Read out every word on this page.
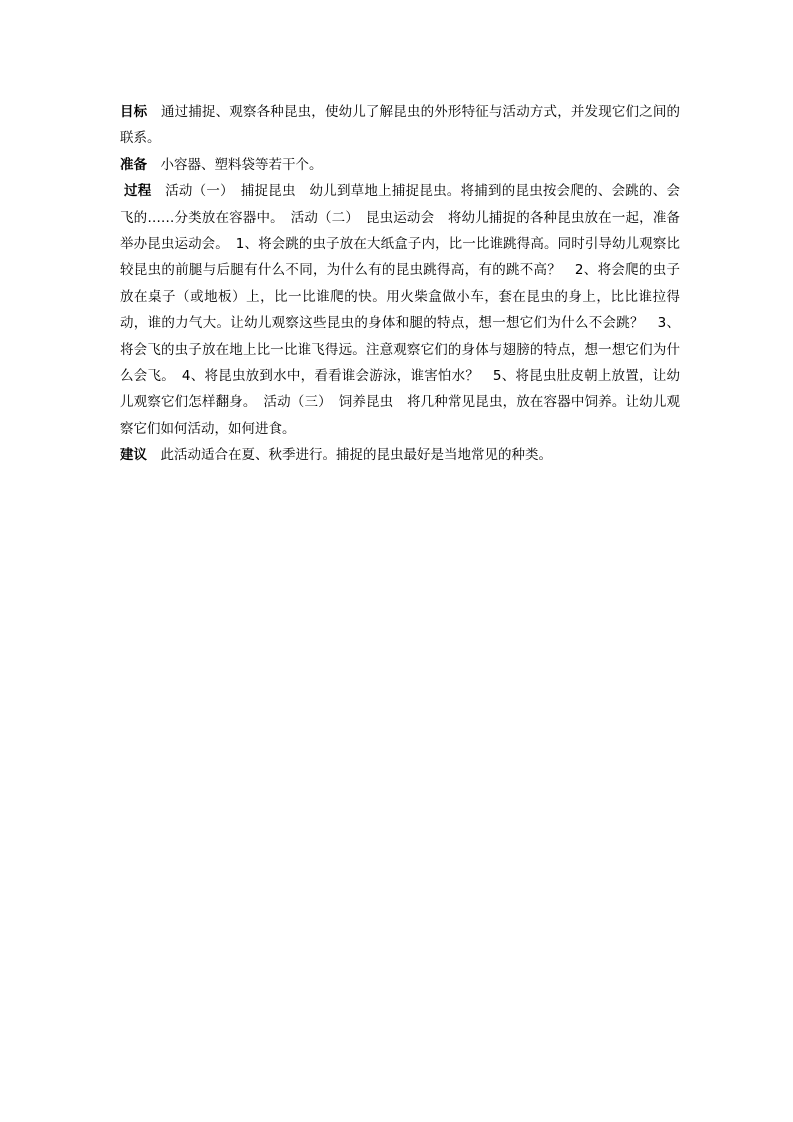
目标　通过捕捉、观察各种昆虫，使幼儿了解昆虫的外形特征与活动方式，并发现它们之间的联系。

准备　小容器、塑料袋等若干个。

过程　活动（一）　捕捉昆虫　幼儿到草地上捕捉昆虫。将捕到的昆虫按会爬的、会跳的、会飞的……分类放在容器中。　活动（二）　昆虫运动会　将幼儿捕捉的各种昆虫放在一起，准备举办昆虫运动会。　1、将会跳的虫子放在大纸盒子内，比一比谁跳得高。同时引导幼儿观察比较昆虫的前腿与后腿有什么不同，为什么有的昆虫跳得高，有的跳不高？　2、将会爬的虫子放在桌子（或地板）上，比一比谁爬的快。用火柴盒做小车，套在昆虫的身上，比比谁拉得动，谁的力气大。让幼儿观察这些昆虫的身体和腿的特点，想一想它们为什么不会跳？　3、将会飞的虫子放在地上比一比谁飞得远。注意观察它们的身体与翅膀的特点，想一想它们为什么会飞。　4、将昆虫放到水中，看看谁会游泳，谁害怕水？　5、将昆虫肚皮朝上放置，让幼儿观察它们怎样翻身。　活动（三）　饲养昆虫　将几种常见昆虫，放在容器中饲养。让幼儿观察它们如何活动，如何进食。

建议　此活动适合在夏、秋季进行。捕捉的昆虫最好是当地常见的种类。
